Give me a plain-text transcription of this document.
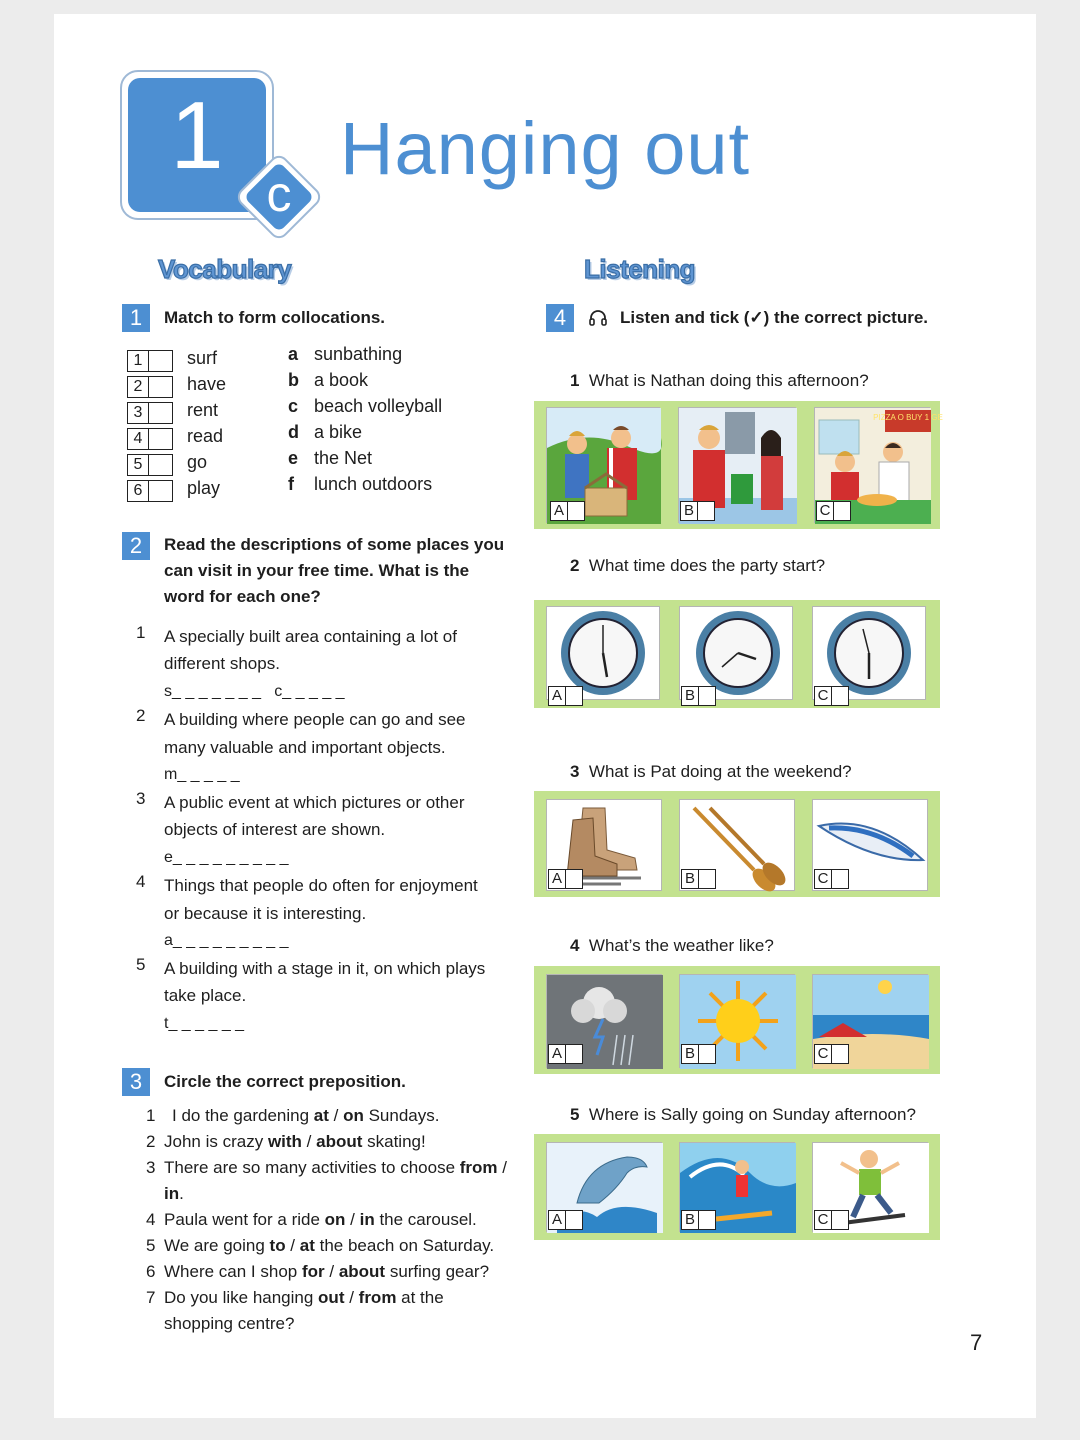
1
c
Hanging out
Vocabulary	Listening
1	Match to form collocations.
1	surf
2	have
3	rent
4	read
5	go
6	play
a sunbathing
b a book
c beach volleyball
d a bike
e the Net
f lunch outdoors
2	Read the descriptions of some places you
can visit in your free time. What is the
word for each one?
1 A specially built area containing a lot of
different shops.
s_ _ _ _ _ _ _   c_ _ _ _ _
2 A building where people can go and see
many valuable and important objects.
m_ _ _ _ _
3 A public event at which pictures or other
objects of interest are shown.
e_ _ _ _ _ _ _ _ _
4 Things that people do often for enjoyment
or because it is interesting.
a_ _ _ _ _ _ _ _ _
5 A building with a stage in it, on which plays
take place.
t_ _ _ _ _ _
3	Circle the correct preposition.
1 I do the gardening at / on Sundays.
2 John is crazy with / about skating!
3 There are so many activities to choose from /
in.
4 Paula went for a ride on / in the carousel.
5 We are going to / at the beach on Saturday.
6 Where can I shop for / about surfing gear?
7 Do you like hanging out / from at the
shopping centre?
4	Listen and tick (✓) the correct picture.
1 What is Nathan doing this afternoon?
A	B
PIZZA O BUY 1 GE
C
2 What time does the party start?
A	B	C
3 What is Pat doing at the weekend?
A	B	C
4 What’s the weather like?
A	B	C
5 Where is Sally going on Sunday afternoon?
A	B	C
7
